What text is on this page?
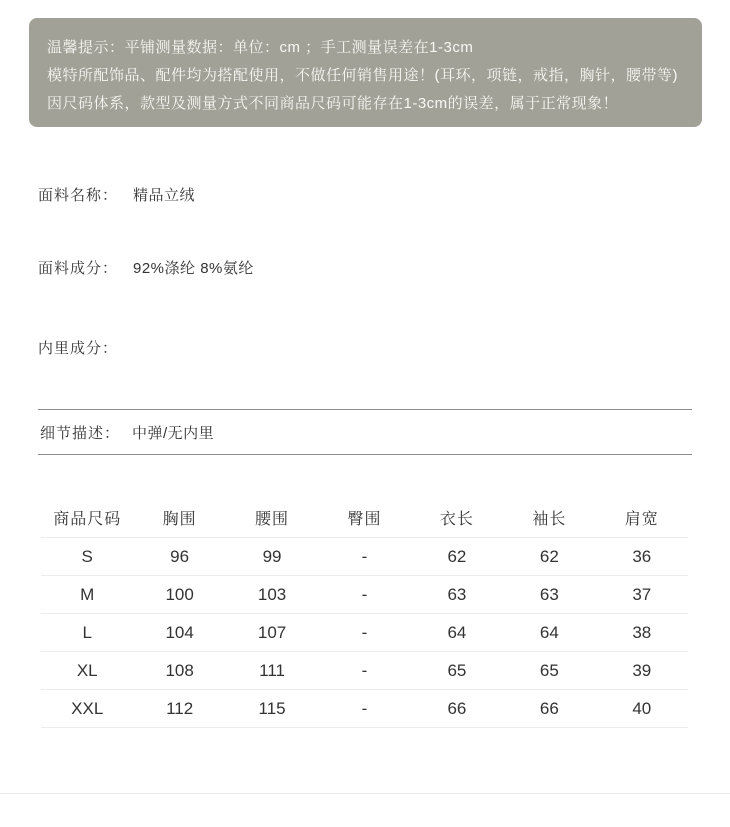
温馨提示：平铺测量数据：单位：cm ；手工测量误差在1-3cm
模特所配饰品、配件均为搭配使用，不做任何销售用途！(耳环，项链，戒指，胸针，腰带等)
因尺码体系，款型及测量方式不同商品尺码可能存在1-3cm的误差，属于正常现象！
面料名称： 精品立绒
面料成分： 92%涤纶 8%氨纶
内里成分：
细节描述： 中弹/无内里
商品尺码	胸围	腰围	臀围	衣长	袖长	肩宽
S	96	99	-	62	62	36
M	100	103	-	63	63	37
L	104	107	-	64	64	38
XL	108	111	-	65	65	39
XXL	112	115	-	66	66	40
